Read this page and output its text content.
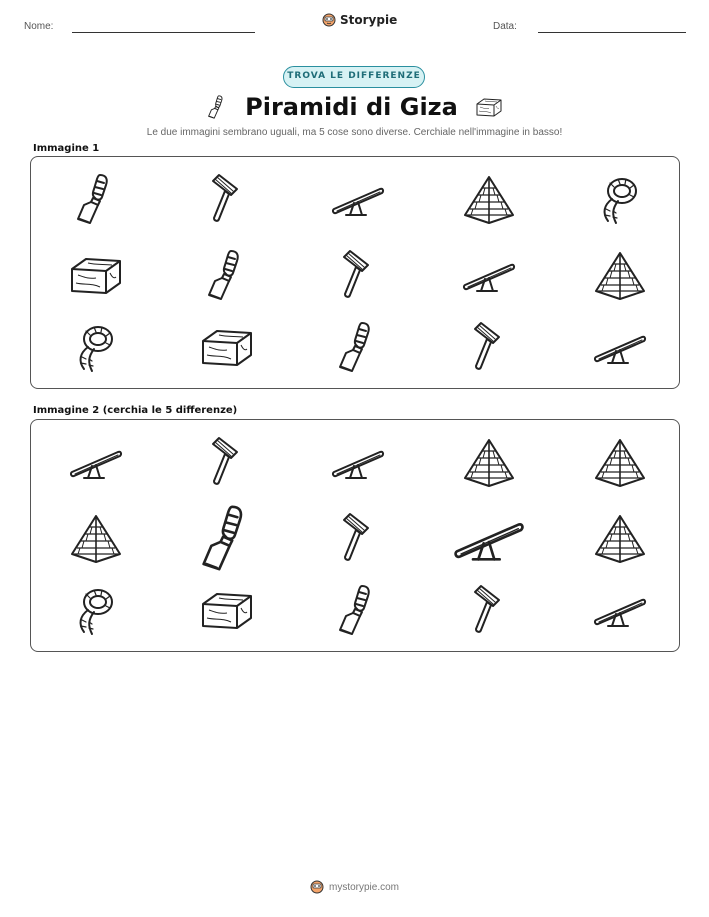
Nome:	Storypie	Data:
TROVA LE DIFFERENZE
Piramidi di Giza
Le due immagini sembrano uguali, ma 5 cose sono diverse. Cerchiale nell'immagine in basso!
Immagine 1
Immagine 2 (cerchia le 5 differenze)
mystorypie.com
